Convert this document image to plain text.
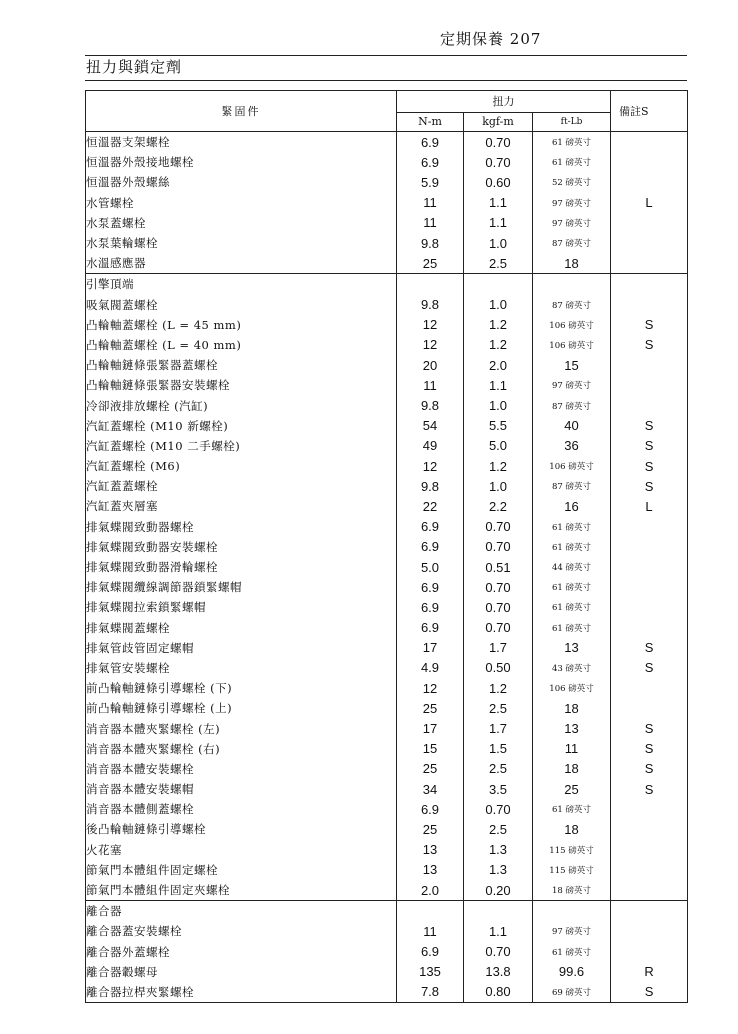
定期保養 207
扭力與鎖定劑
緊固件	扭力			備註S
	N-m	kgf-m	ft-Lb	
恒溫器支架螺栓	6.9	0.70	61 磅英寸	
恒溫器外殼接地螺栓	6.9	0.70	61 磅英寸	
恒溫器外殼螺絲	5.9	0.60	52 磅英寸	
水管螺栓	11	1.1	97 磅英寸	L
水泵蓋螺栓	11	1.1	97 磅英寸	
水泵葉輪螺栓	9.8	1.0	87 磅英寸	
水溫感應器	25	2.5	18	
引擎頂端				
吸氣閥蓋螺栓	9.8	1.0	87 磅英寸	
凸輪軸蓋螺栓 (L = 45 mm)	12	1.2	106 磅英寸	S
凸輪軸蓋螺栓 (L = 40 mm)	12	1.2	106 磅英寸	S
凸輪軸鏈條張緊器蓋螺栓	20	2.0	15	
凸輪軸鏈條張緊器安裝螺栓	11	1.1	97 磅英寸	
冷卻液排放螺栓 (汽缸)	9.8	1.0	87 磅英寸	
汽缸蓋螺栓 (M10 新螺栓)	54	5.5	40	S
汽缸蓋螺栓 (M10 二手螺栓)	49	5.0	36	S
汽缸蓋螺栓 (M6)	12	1.2	106 磅英寸	S
汽缸蓋蓋螺栓	9.8	1.0	87 磅英寸	S
汽缸蓋夾層塞	22	2.2	16	L
排氣蝶閥致動器螺栓	6.9	0.70	61 磅英寸	
排氣蝶閥致動器安裝螺栓	6.9	0.70	61 磅英寸	
排氣蝶閥致動器滑輪螺栓	5.0	0.51	44 磅英寸	
排氣蝶閥纜線調節器鎖緊螺帽	6.9	0.70	61 磅英寸	
排氣蝶閥拉索鎖緊螺帽	6.9	0.70	61 磅英寸	
排氣蝶閥蓋螺栓	6.9	0.70	61 磅英寸	
排氣管歧管固定螺帽	17	1.7	13	S
排氣管安裝螺栓	4.9	0.50	43 磅英寸	S
前凸輪軸鏈條引導螺栓 (下)	12	1.2	106 磅英寸	
前凸輪軸鏈條引導螺栓 (上)	25	2.5	18	
消音器本體夾緊螺栓 (左)	17	1.7	13	S
消音器本體夾緊螺栓 (右)	15	1.5	11	S
消音器本體安裝螺栓	25	2.5	18	S
消音器本體安裝螺帽	34	3.5	25	S
消音器本體側蓋螺栓	6.9	0.70	61 磅英寸	
後凸輪軸鏈條引導螺栓	25	2.5	18	
火花塞	13	1.3	115 磅英寸	
節氣門本體組件固定螺栓	13	1.3	115 磅英寸	
節氣門本體組件固定夾螺栓	2.0	0.20	18 磅英寸	
離合器				
離合器蓋安裝螺栓	11	1.1	97 磅英寸	
離合器外蓋螺栓	6.9	0.70	61 磅英寸	
離合器轂螺母	135	13.8	99.6	R
離合器拉桿夾緊螺栓	7.8	0.80	69 磅英寸	S
